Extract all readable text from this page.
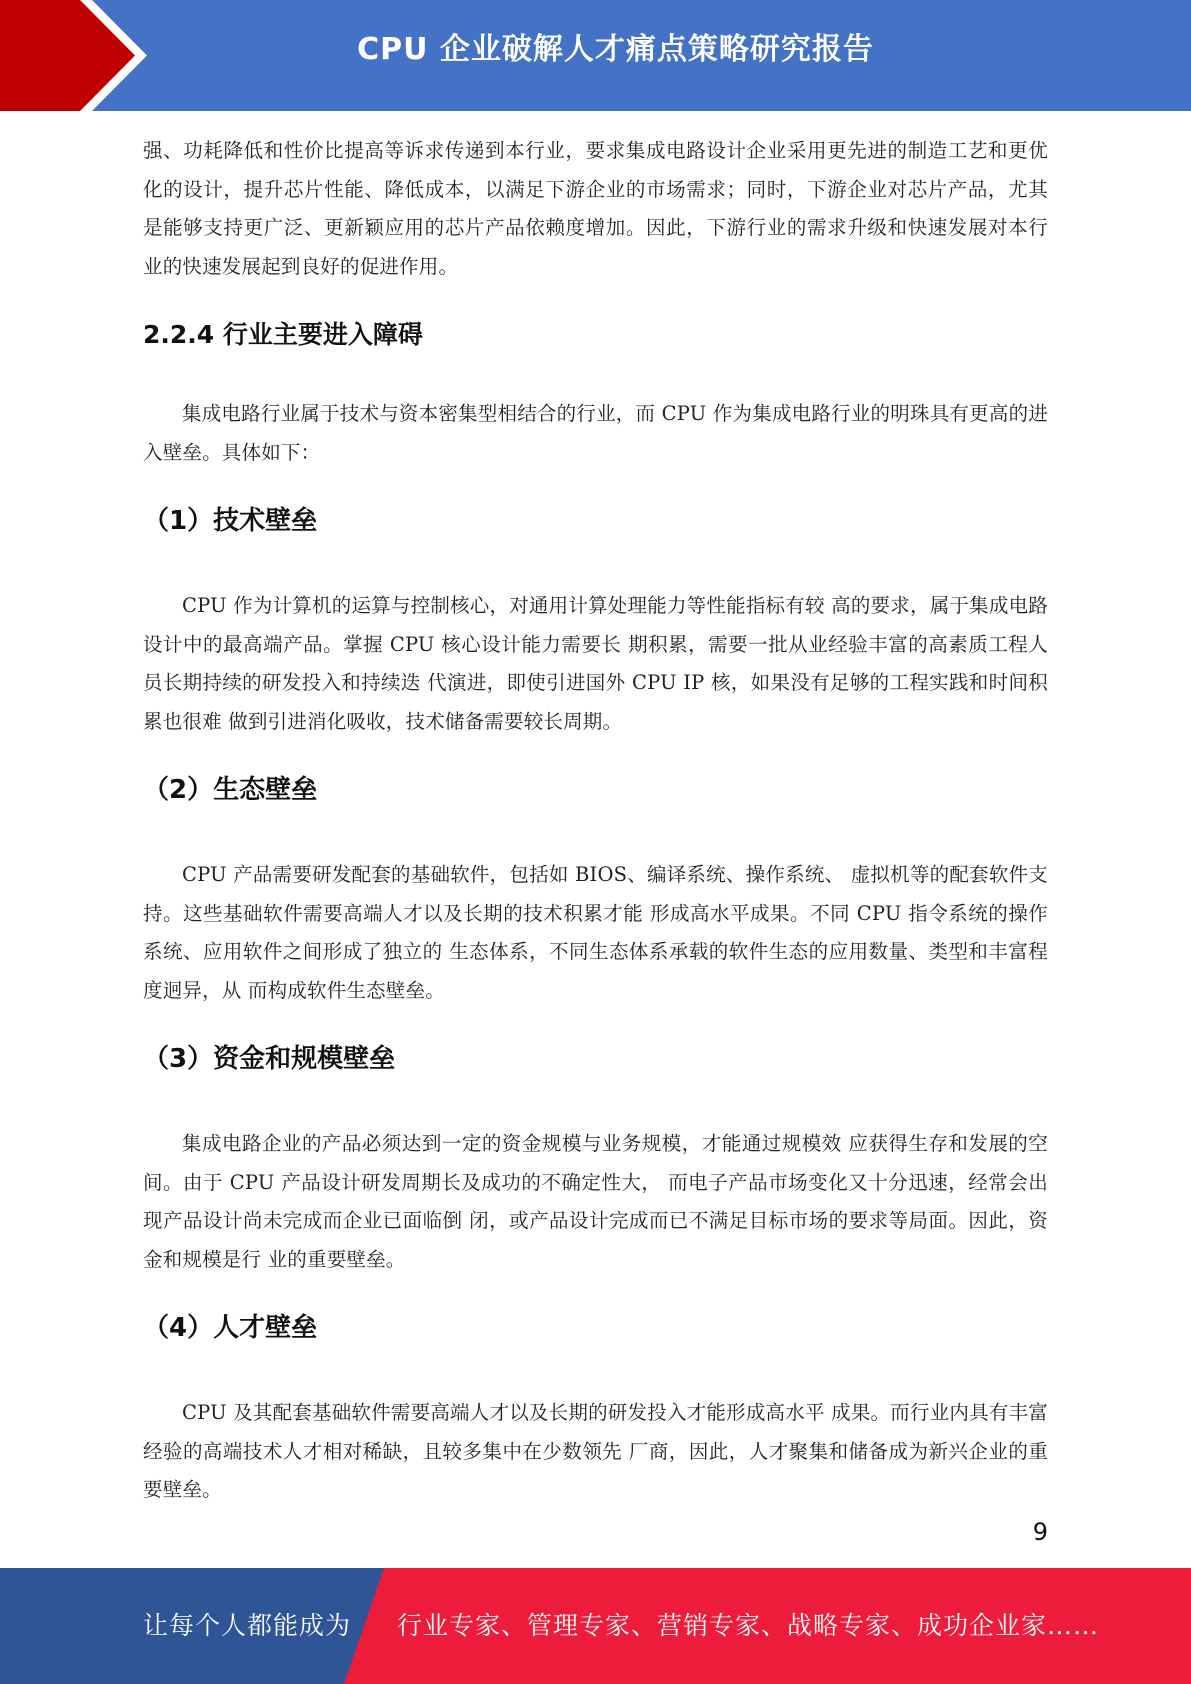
CPU 企业破解人才痛点策略研究报告

强、功耗降低和性价比提高等诉求传递到本行业，要求集成电路设计企业采用更先进的制造工艺和更优化的设计，提升芯片性能、降低成本，以满足下游企业的市场需求；同时，下游企业对芯片产品，尤其是能够支持更广泛、更新颖应用的芯片产品依赖度增加。因此，下游行业的需求升级和快速发展对本行业的快速发展起到良好的促进作用。

2.2.4 行业主要进入障碍

集成电路行业属于技术与资本密集型相结合的行业，而 CPU 作为集成电路行业的明珠具有更高的进入壁垒。具体如下：

（1）技术壁垒

CPU 作为计算机的运算与控制核心，对通用计算处理能力等性能指标有较 高的要求，属于集成电路设计中的最高端产品。掌握 CPU 核心设计能力需要长 期积累，需要一批从业经验丰富的高素质工程人员长期持续的研发投入和持续迭 代演进，即使引进国外 CPU IP 核，如果没有足够的工程实践和时间积累也很难 做到引进消化吸收，技术储备需要较长周期。

（2）生态壁垒

CPU 产品需要研发配套的基础软件，包括如 BIOS、编译系统、操作系统、 虚拟机等的配套软件支持。这些基础软件需要高端人才以及长期的技术积累才能 形成高水平成果。不同 CPU 指令系统的操作系统、应用软件之间形成了独立的 生态体系，不同生态体系承载的软件生态的应用数量、类型和丰富程度迥异，从 而构成软件生态壁垒。

（3）资金和规模壁垒

集成电路企业的产品必须达到一定的资金规模与业务规模，才能通过规模效 应获得生存和发展的空间。由于 CPU 产品设计研发周期长及成功的不确定性大， 而电子产品市场变化又十分迅速，经常会出现产品设计尚未完成而企业已面临倒 闭，或产品设计完成而已不满足目标市场的要求等局面。因此，资金和规模是行 业的重要壁垒。

（4）人才壁垒

CPU 及其配套基础软件需要高端人才以及长期的研发投入才能形成高水平 成果。而行业内具有丰富经验的高端技术人才相对稀缺，且较多集中在少数领先 厂商，因此，人才聚集和储备成为新兴企业的重要壁垒。

9
让每个人都能成为 行业专家、管理专家、营销专家、战略专家、成功企业家……
